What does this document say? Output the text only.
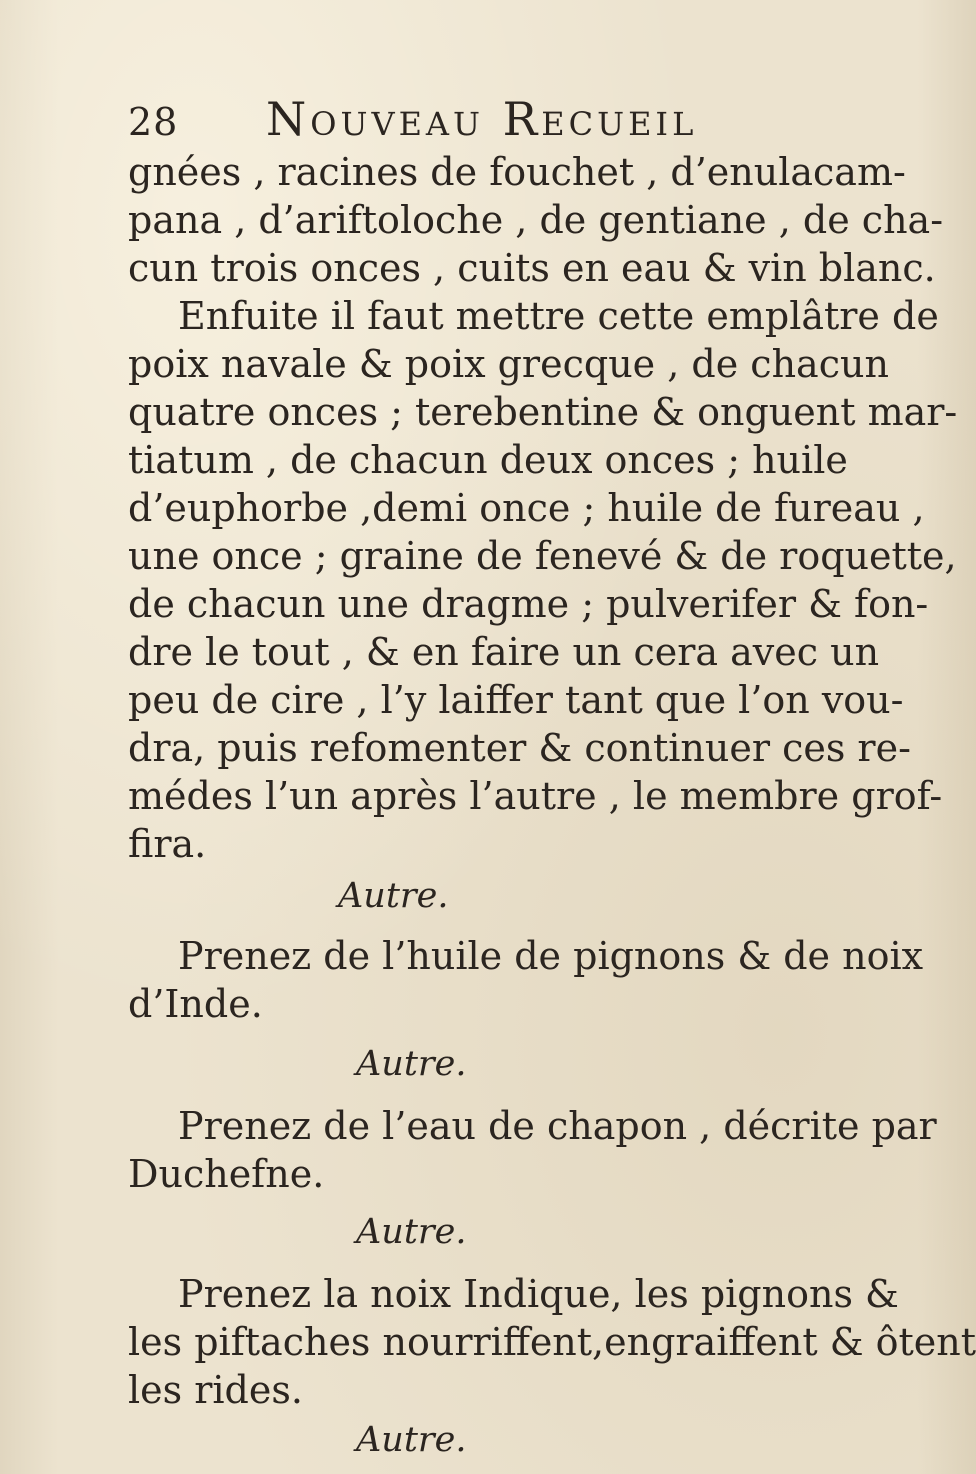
28 Nouveau Recueil
gnées , racines de fouchet , d’enulacam-
pana , d’ariftoloche , de gentiane , de cha-
cun trois onces , cuits en eau & vin blanc.
Enfuite il faut mettre cette emplâtre de
poix navale & poix grecque , de chacun
quatre onces ; terebentine & onguent mar-
tiatum , de chacun deux onces ; huile
d’euphorbe ,demi once ; huile de fureau ,
une once ; graine de fenevé & de roquette,
de chacun une dragme ; pulverifer & fon-
dre le tout , & en faire un cera avec un
peu de cire , l’y laiffer tant que l’on vou-
dra, puis refomenter & continuer ces re-
médes l’un après l’autre , le membre grof-
fira.
Autre.
Prenez de l’huile de pignons & de noix
d’Inde.
Autre.
Prenez de l’eau de chapon , décrite par
Duchefne.
Autre.
Prenez la noix Indique, les pignons &
les piftaches nourriffent,engraiffent & ôtent
les rides.
Autre.
